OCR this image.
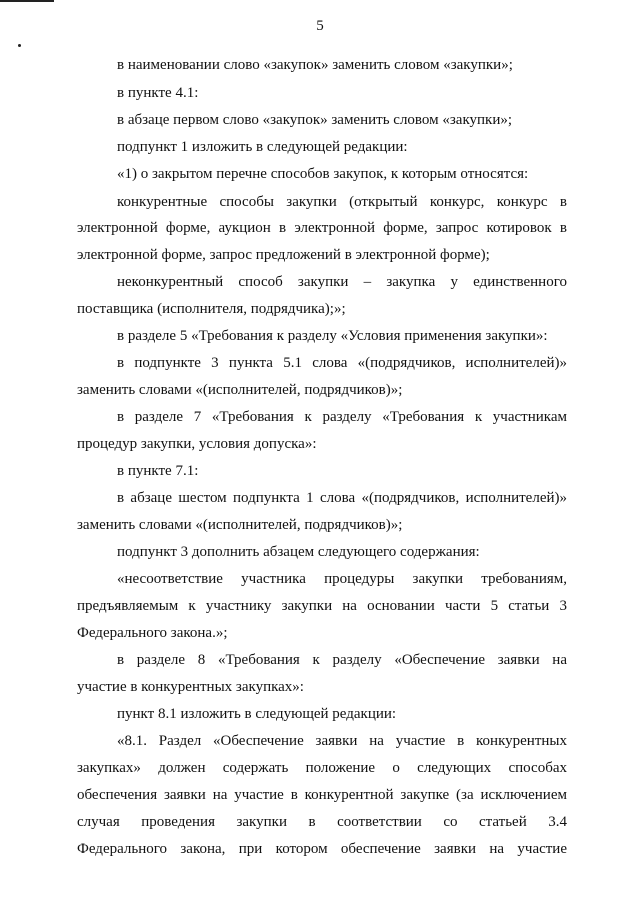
5
в наименовании слово «закупок» заменить словом «закупки»;
в пункте 4.1:
в абзаце первом слово «закупок» заменить словом «закупки»;
подпункт 1 изложить в следующей редакции:
«1) о закрытом перечне способов закупок, к которым относятся:
конкурентные способы закупки (открытый конкурс, конкурс в
электронной форме, аукцион в электронной форме, запрос котировок в
электронной форме, запрос предложений в электронной форме);
неконкурентный способ закупки – закупка у единственного
поставщика (исполнителя, подрядчика);»;
в разделе 5 «Требования к разделу «Условия применения закупки»:
в подпункте 3 пункта 5.1 слова «(подрядчиков, исполнителей)»
заменить словами «(исполнителей, подрядчиков)»;
в разделе 7 «Требования к разделу «Требования к участникам
процедур закупки, условия допуска»:
в пункте 7.1:
в абзаце шестом подпункта 1 слова «(подрядчиков, исполнителей)»
заменить словами «(исполнителей, подрядчиков)»;
подпункт 3 дополнить абзацем следующего содержания:
«несоответствие участника процедуры закупки требованиям,
предъявляемым к участнику закупки на основании части 5 статьи 3
Федерального закона.»;
в разделе 8 «Требования к разделу «Обеспечение заявки на
участие в конкурентных закупках»:
пункт 8.1 изложить в следующей редакции:
«8.1. Раздел «Обеспечение заявки на участие в конкурентных
закупках» должен содержать положение о следующих способах
обеспечения заявки на участие в конкурентной закупке (за исключением
случая проведения закупки в соответствии со статьей 3.4
Федерального закона, при котором обеспечение заявки на участие
